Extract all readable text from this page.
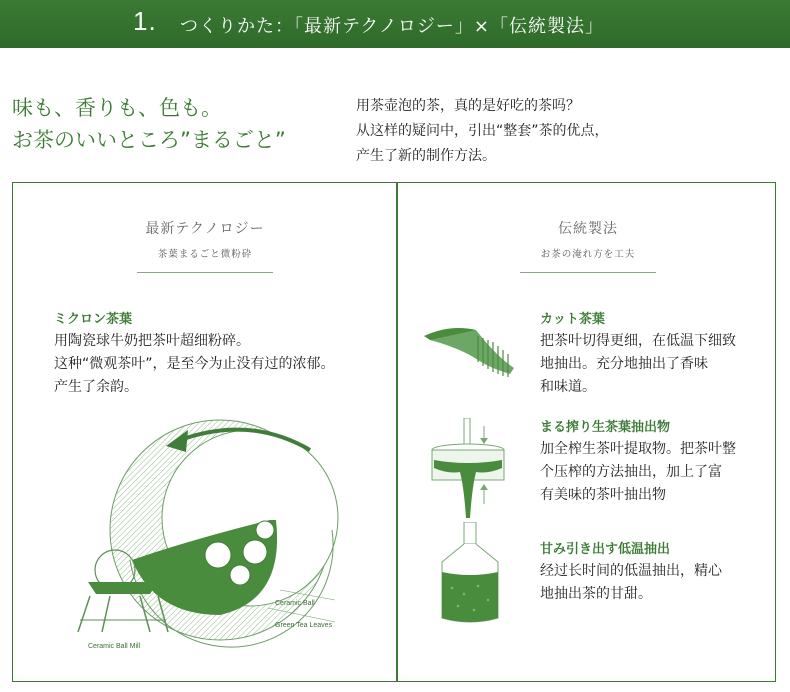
1. つくりかた：「最新テクノロジー」×「伝統製法」
味も、香りも、色も。
お茶のいいところ”まるごと”
用茶壶泡的茶，真的是好吃的茶吗？
从这样的疑问中，引出“整套”茶的优点，
产生了新的制作方法。
最新テクノロジー
茶葉まるごと微粉砕
伝統製法
お茶の淹れ方を工夫
ミクロン茶葉
用陶瓷球牛奶把茶叶超细粉碎。
这种“微观茶叶”，是至今为止没有过的浓郁。
产生了余韵。
Ceramic Ball
Green Tea Leaves
Ceramic Ball Mill
カット茶葉
把茶叶切得更细，在低温下细致
地抽出。充分地抽出了香味
和味道。
まる搾り生茶葉抽出物
加全榨生茶叶提取物。把茶叶整
个压榨的方法抽出，加上了富
有美味的茶叶抽出物
甘み引き出す低温抽出
经过长时间的低温抽出，精心
地抽出茶的甘甜。
